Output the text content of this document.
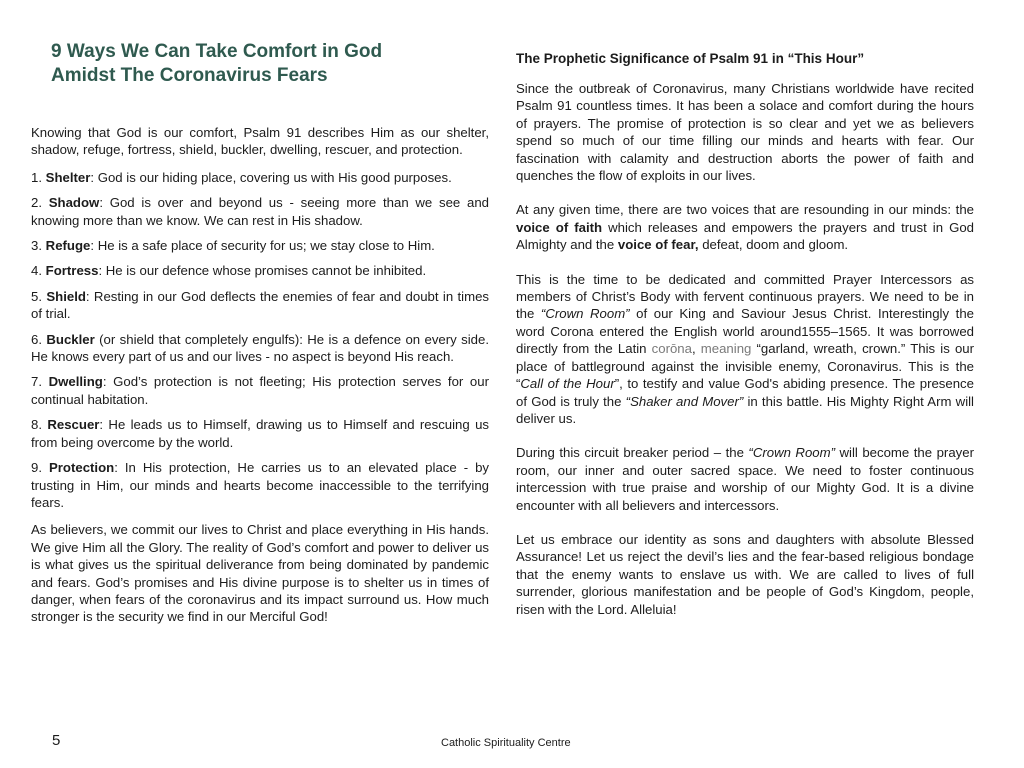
9 Ways We Can Take Comfort in God
Amidst The Coronavirus Fears

Knowing that God is our comfort, Psalm 91 describes Him as our shelter, shadow, refuge, fortress, shield, buckler, dwelling, rescuer, and protection.

1. Shelter: God is our hiding place, covering us with His good purposes.

2. Shadow: God is over and beyond us - seeing more than we see and knowing more than we know. We can rest in His shadow.

3. Refuge: He is a safe place of security for us; we stay close to Him.

4. Fortress: He is our defence whose promises cannot be inhibited.

5. Shield: Resting in our God deflects the enemies of fear and doubt in times of trial.

6. Buckler (or shield that completely engulfs): He is a defence on every side. He knows every part of us and our lives - no aspect is beyond His reach.

7. Dwelling: God’s protection is not fleeting; His protection serves for our continual habitation.

8. Rescuer: He leads us to Himself, drawing us to Himself and rescuing us from being overcome by the world.

9. Protection: In His protection, He carries us to an elevated place - by trusting in Him, our minds and hearts become inaccessible to the terrifying fears.

As believers, we commit our lives to Christ and place everything in His hands. We give Him all the Glory. The reality of God’s comfort and power to deliver us is what gives us the spiritual deliverance from being dominated by pandemic and fears. God’s promises and His divine purpose is to shelter us in times of danger, when fears of the coronavirus and its impact surround us. How much stronger is the security we find in our Merciful God!

The Prophetic Significance of Psalm 91 in “This Hour”

Since the outbreak of Coronavirus, many Christians worldwide have recited Psalm 91 countless times. It has been a solace and comfort during the hours of prayers. The promise of protection is so clear and yet we as believers spend so much of our time filling our minds and hearts with fear. Our fascination with calamity and destruction aborts the power of faith and quenches the flow of exploits in our lives.

At any given time, there are two voices that are resounding in our minds: the voice of faith which releases and empowers the prayers and trust in God Almighty and the voice of fear, defeat, doom and gloom.

This is the time to be dedicated and committed Prayer Intercessors as members of Christ’s Body with fervent continuous prayers. We need to be in the “Crown Room” of our King and Saviour Jesus Christ. Interestingly the word Corona entered the English world around1555–1565. It was borrowed directly from the Latin corōna, meaning “garland, wreath, crown.” This is our place of battleground against the invisible enemy, Coronavirus. This is the “Call of the Hour”, to testify and value God's abiding presence. The presence of God is truly the “Shaker and Mover” in this battle. His Mighty Right Arm will deliver us.

During this circuit breaker period – the “Crown Room” will become the prayer room, our inner and outer sacred space. We need to foster continuous intercession with true praise and worship of our Mighty God. It is a divine encounter with all believers and intercessors.

Let us embrace our identity as sons and daughters with absolute Blessed Assurance! Let us reject the devil’s lies and the fear-based religious bondage that the enemy wants to enslave us with. We are called to lives of full surrender, glorious manifestation and be people of God’s Kingdom, people, risen with the Lord. Alleluia!

5	Catholic Spirituality Centre
